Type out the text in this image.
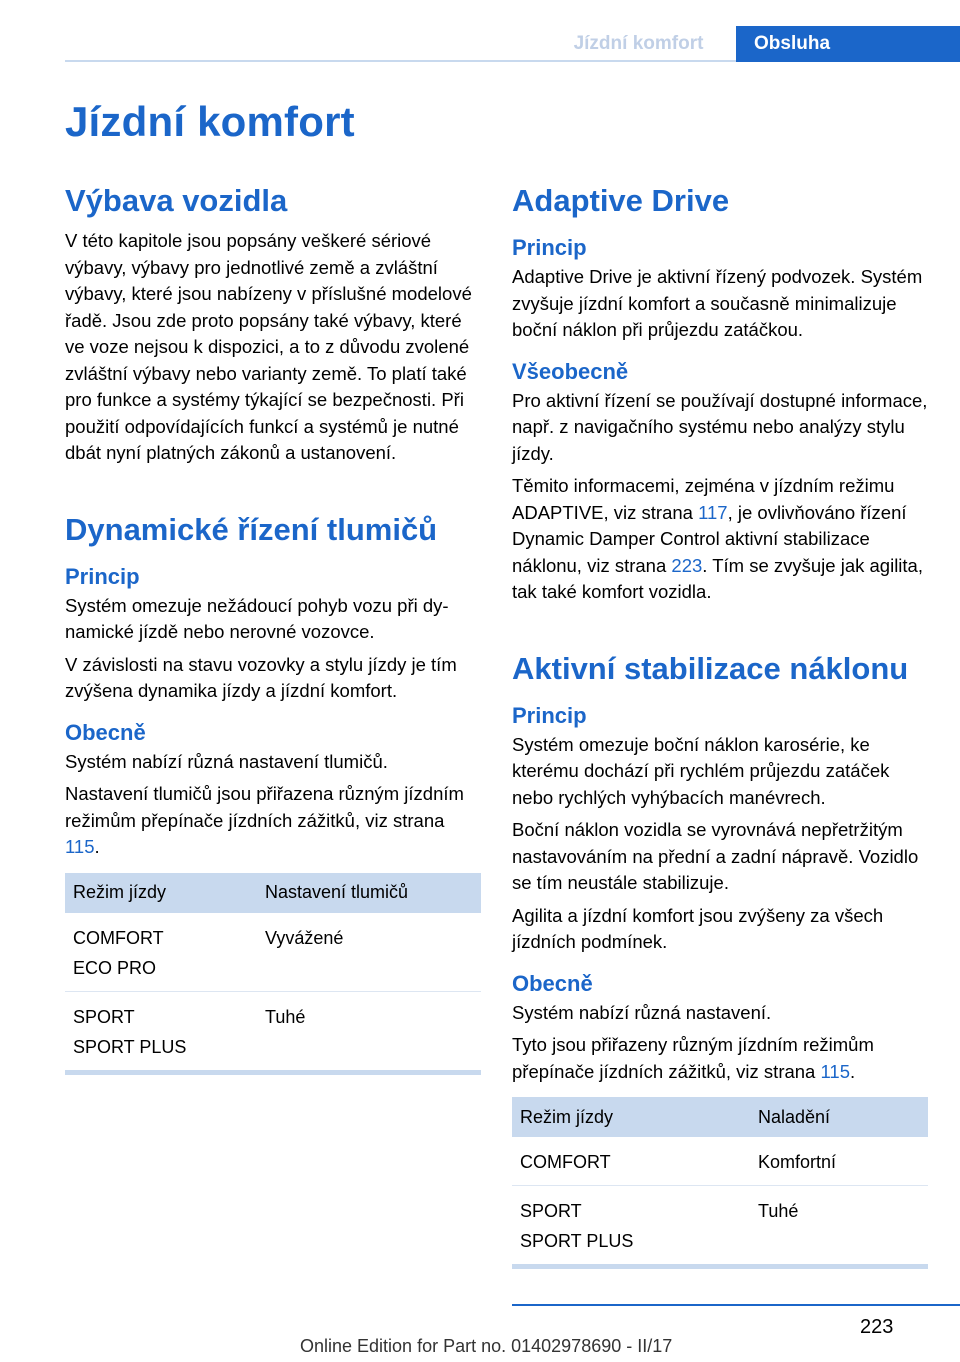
Jízdní komfort	Obsluha
Jízdní komfort
Výbava vozidla

V této kapitole jsou popsány veškeré sériové výbavy, výbavy pro jednotlivé země a zvláštní výbavy, které jsou nabízeny v příslušné modelové řadě. Jsou zde proto popsány také výbavy, které ve voze nejsou k dispozici, a to z důvodu zvolené zvláštní výbavy nebo varianty země. To platí také pro funkce a systémy týkající se bezpečnosti. Při použití odpovídajících funkcí a systémů je nutné dbát nyní platných zákonů a ustanovení.

Dynamické řízení tlumičů
Princip

Systém omezuje nežádoucí pohyb vozu při dynamické jízdě nebo nerovné vozovce.

V závislosti na stavu vozovky a stylu jízdy je tím zvýšena dynamika jízdy a jízdní komfort.

Obecně

Systém nabízí různá nastavení tlumičů.

Nastavení tlumičů jsou přiřazena různým jízdním režimům přepínače jízdních zážitků, viz strana 115.

Režim jízdy	Nastavení tlumičů

COMFORT
ECO PRO	Vyvážené

SPORT
SPORT PLUS	Tuhé
Adaptive Drive
Princip

Adaptive Drive je aktivní řízený podvozek. Systém zvyšuje jízdní komfort a současně minimalizuje boční náklon při průjezdu zatáčkou.

Všeobecně

Pro aktivní řízení se používají dostupné informace, např. z navigačního systému nebo analýzy stylu jízdy.

Těmito informacemi, zejména v jízdním režimu ADAPTIVE, viz strana 117, je ovlivňováno řízení Dynamic Damper Control aktivní stabilizace náklonu, viz strana 223. Tím se zvyšuje jak agilita, tak také komfort vozidla.

Aktivní stabilizace náklonu
Princip

Systém omezuje boční náklon karosérie, ke kterému dochází při rychlém průjezdu zatáček nebo rychlých vyhýbacích manévrech.

Boční náklon vozidla se vyrovnává nepřetržitým nastavováním na přední a zadní nápravě. Vozidlo se tím neustále stabilizuje.

Agilita a jízdní komfort jsou zvýšeny za všech jízdních podmínek.

Obecně

Systém nabízí různá nastavení.

Tyto jsou přiřazeny různým jízdním režimům přepínače jízdních zážitků, viz strana 115.

Režim jízdy	Naladění
COMFORT	Komfortní

SPORT
SPORT PLUS	Tuhé
223
Online Edition for Part no. 01402978690 - II/17
